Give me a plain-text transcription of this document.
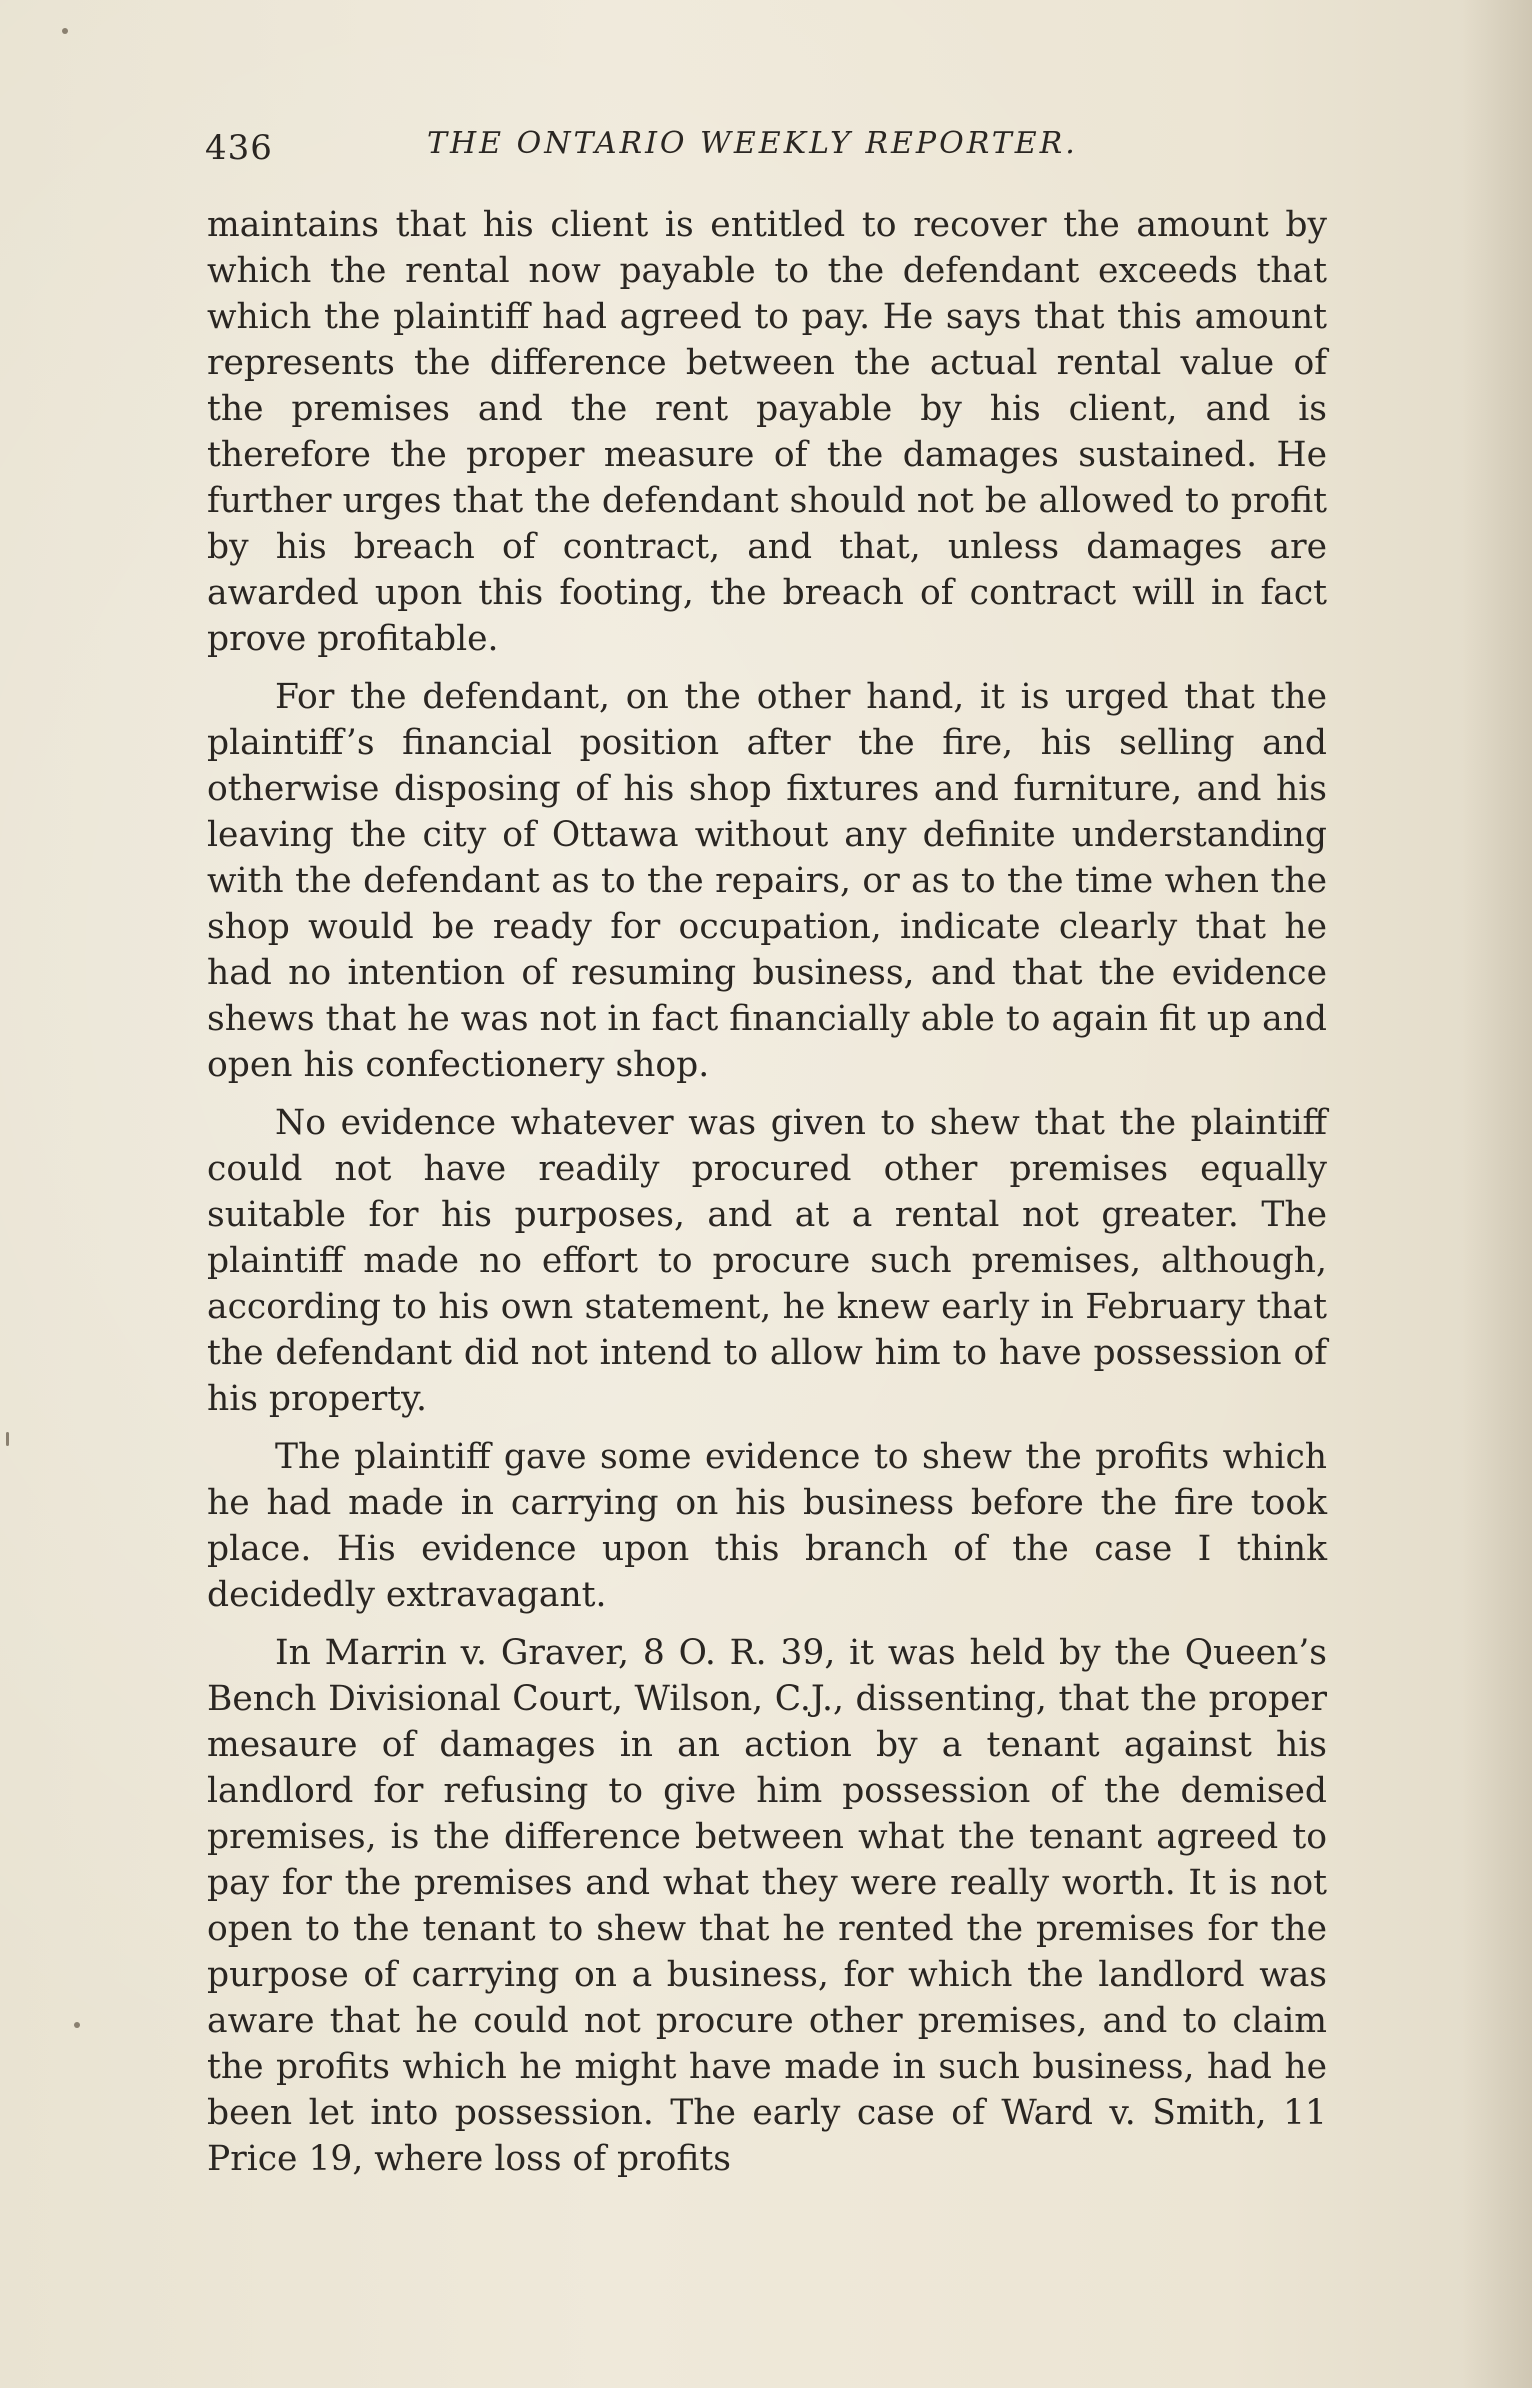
436	THE ONTARIO WEEKLY REPORTER.

maintains that his client is entitled to recover the amount by which the rental now payable to the defendant exceeds that which the plaintiff had agreed to pay. He says that this amount represents the difference between the actual rental value of the premises and the rent payable by his client, and is therefore the proper measure of the damages sustained. He further urges that the defendant should not be allowed to profit by his breach of contract, and that, unless damages are awarded upon this footing, the breach of contract will in fact prove profitable.

For the defendant, on the other hand, it is urged that the plaintiff’s financial position after the fire, his selling and otherwise disposing of his shop fixtures and furniture, and his leaving the city of Ottawa without any definite understanding with the defendant as to the repairs, or as to the time when the shop would be ready for occupation, indicate clearly that he had no intention of resuming business, and that the evidence shews that he was not in fact financially able to again fit up and open his confectionery shop.

No evidence whatever was given to shew that the plaintiff could not have readily procured other premises equally suitable for his purposes, and at a rental not greater. The plaintiff made no effort to procure such premises, although, according to his own statement, he knew early in February that the defendant did not intend to allow him to have possession of his property.

The plaintiff gave some evidence to shew the profits which he had made in carrying on his business before the fire took place. His evidence upon this branch of the case I think decidedly extravagant.

In Marrin v. Graver, 8 O. R. 39, it was held by the Queen’s Bench Divisional Court, Wilson, C.J., dissenting, that the proper mesaure of damages in an action by a tenant against his landlord for refusing to give him possession of the demised premises, is the difference between what the tenant agreed to pay for the premises and what they were really worth. It is not open to the tenant to shew that he rented the premises for the purpose of carrying on a business, for which the landlord was aware that he could not procure other premises, and to claim the profits which he might have made in such business, had he been let into possession. The early case of Ward v. Smith, 11 Price 19, where loss of profits
